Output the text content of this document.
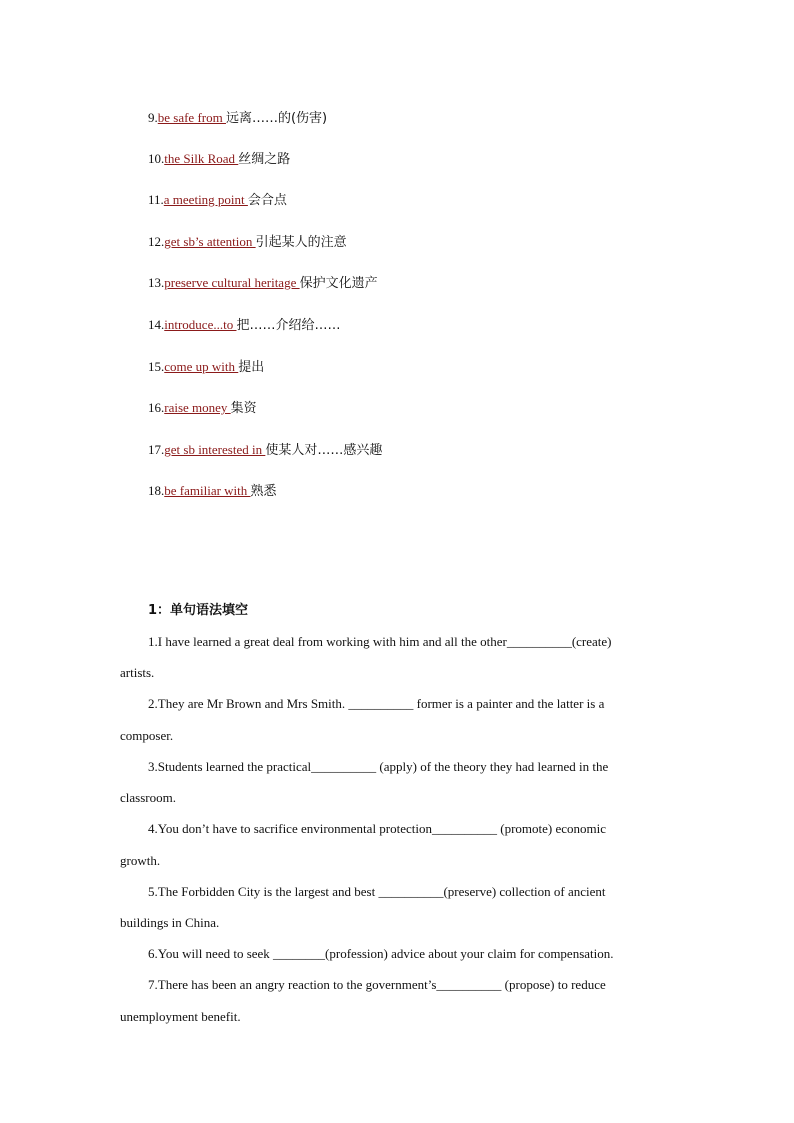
9.be safe from 远离……的(伤害)
10.the Silk Road 丝绸之路
11.a meeting point 会合点
12.get sb’s attention 引起某人的注意
13.preserve cultural heritage 保护文化遗产
14.introduce...to 把……介绍给……
15.come up with 提出
16.raise money 集资
17.get sb interested in 使某人对……感兴趣
18.be familiar with 熟悉
1：单句语法填空
1.I have learned a great deal from working with him and all the other__________(create)
artists.
2.They are Mr Brown and Mrs Smith. __________ former is a painter and the latter is a
composer.
3.Students learned the practical__________ (apply) of the theory they had learned in the
classroom.
4.You don’t have to sacrifice environmental protection__________ (promote) economic
growth.
5.The Forbidden City is the largest and best __________(preserve) collection of ancient
buildings in China.
6.You will need to seek ________(profession) advice about your claim for compensation.
7.There has been an angry reaction to the government’s__________ (propose) to reduce
unemployment benefit.
